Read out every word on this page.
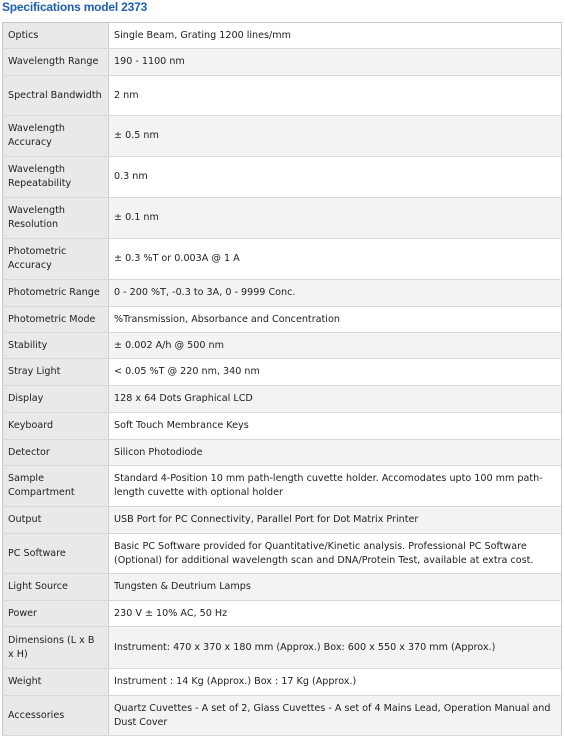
Specifications model 2373
Optics	Single Beam, Grating 1200 lines/mm
Wavelength Range	190 - 1100 nm
Spectral Bandwidth	2 nm
Wavelength Accuracy	± 0.5 nm
Wavelength Repeatability	0.3 nm
Wavelength Resolution	± 0.1 nm
Photometric Accuracy	± 0.3 %T or 0.003A @ 1 A
Photometric Range	0 - 200 %T, -0.3 to 3A, 0 - 9999 Conc.
Photometric Mode	%Transmission, Absorbance and Concentration
Stability	± 0.002 A/h @ 500 nm
Stray Light	< 0.05 %T @ 220 nm, 340 nm
Display	128 x 64 Dots Graphical LCD
Keyboard	Soft Touch Membrance Keys
Detector	Silicon Photodiode
Sample Compartment	Standard 4-Position 10 mm path-length cuvette holder. Accomodates upto 100 mm path-length cuvette with optional holder
Output	USB Port for PC Connectivity, Parallel Port for Dot Matrix Printer
PC Software	Basic PC Software provided for Quantitative/Kinetic analysis. Professional PC Software (Optional) for additional wavelength scan and DNA/Protein Test, available at extra cost.
Light Source	Tungsten & Deutrium Lamps
Power	230 V ± 10% AC, 50 Hz
Dimensions (L x B x H)	Instrument: 470 x 370 x 180 mm (Approx.) Box: 600 x 550 x 370 mm (Approx.)
Weight	Instrument : 14 Kg (Approx.) Box : 17 Kg (Approx.)
Accessories	Quartz Cuvettes - A set of 2, Glass Cuvettes - A set of 4 Mains Lead, Operation Manual and Dust Cover
